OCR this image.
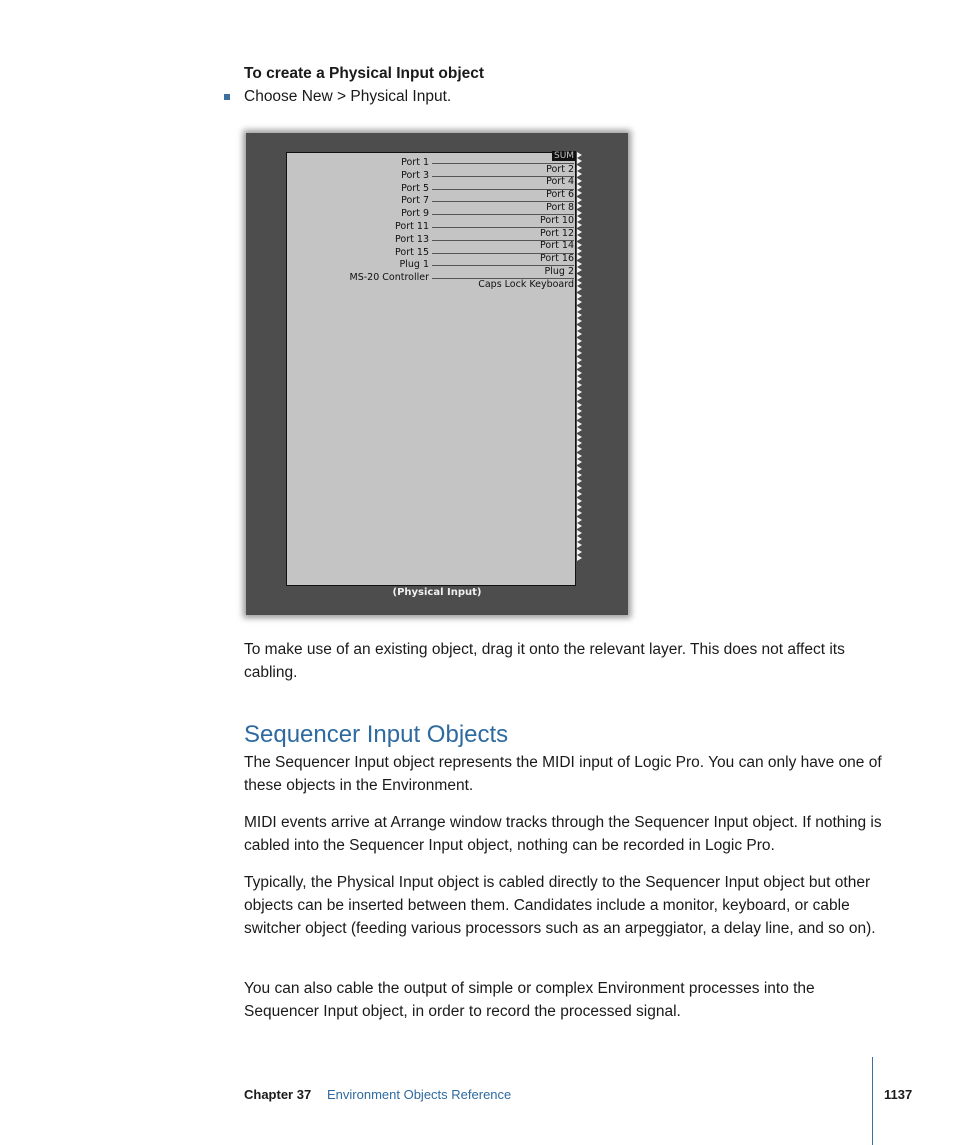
To create a Physical Input object
Choose New > Physical Input.
SUM
(Physical Input)
Port 1
Port 3
Port 5
Port 7
Port 9
Port 11
Port 13
Port 15
Plug 1
MS-20 Controller
Port 2
Port 4
Port 6
Port 8
Port 10
Port 12
Port 14
Port 16
Plug 2
Caps Lock Keyboard
To make use of an existing object, drag it onto the relevant layer. This does not affect its cabling.
Sequencer Input Objects
The Sequencer Input object represents the MIDI input of Logic Pro. You can only have one of these objects in the Environment.
MIDI events arrive at Arrange window tracks through the Sequencer Input object. If nothing is cabled into the Sequencer Input object, nothing can be recorded in Logic Pro.
Typically, the Physical Input object is cabled directly to the Sequencer Input object but other objects can be inserted between them. Candidates include a monitor, keyboard, or cable switcher object (feeding various processors such as an arpeggiator, a delay line, and so on).
You can also cable the output of simple or complex Environment processes into the Sequencer Input object, in order to record the processed signal.
Chapter 37 Environment Objects Reference	1137
